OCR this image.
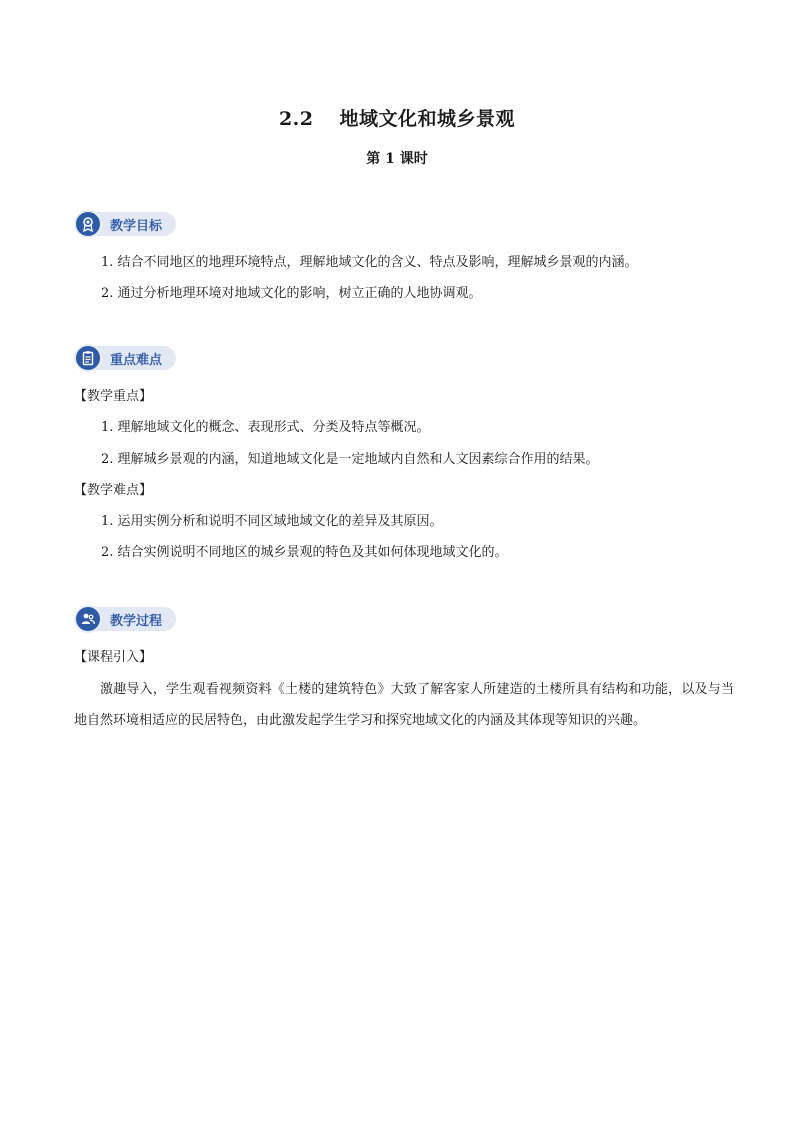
2.2 地域文化和城乡景观
第 1 课时
教学目标
1. 结合不同地区的地理环境特点，理解地域文化的含义、特点及影响，理解城乡景观的内涵。
2. 通过分析地理环境对地域文化的影响，树立正确的人地协调观。
重点难点
【教学重点】
1. 理解地域文化的概念、表现形式、分类及特点等概况。
2. 理解城乡景观的内涵，知道地域文化是一定地域内自然和人文因素综合作用的结果。
【教学难点】
1. 运用实例分析和说明不同区域地域文化的差异及其原因。
2. 结合实例说明不同地区的城乡景观的特色及其如何体现地域文化的。
教学过程
【课程引入】
激趣导入，学生观看视频资料《土楼的建筑特色》大致了解客家人所建造的土楼所具有结构和功能，以及与当地自然环境相适应的民居特色，由此激发起学生学习和探究地域文化的内涵及其体现等知识的兴趣。
